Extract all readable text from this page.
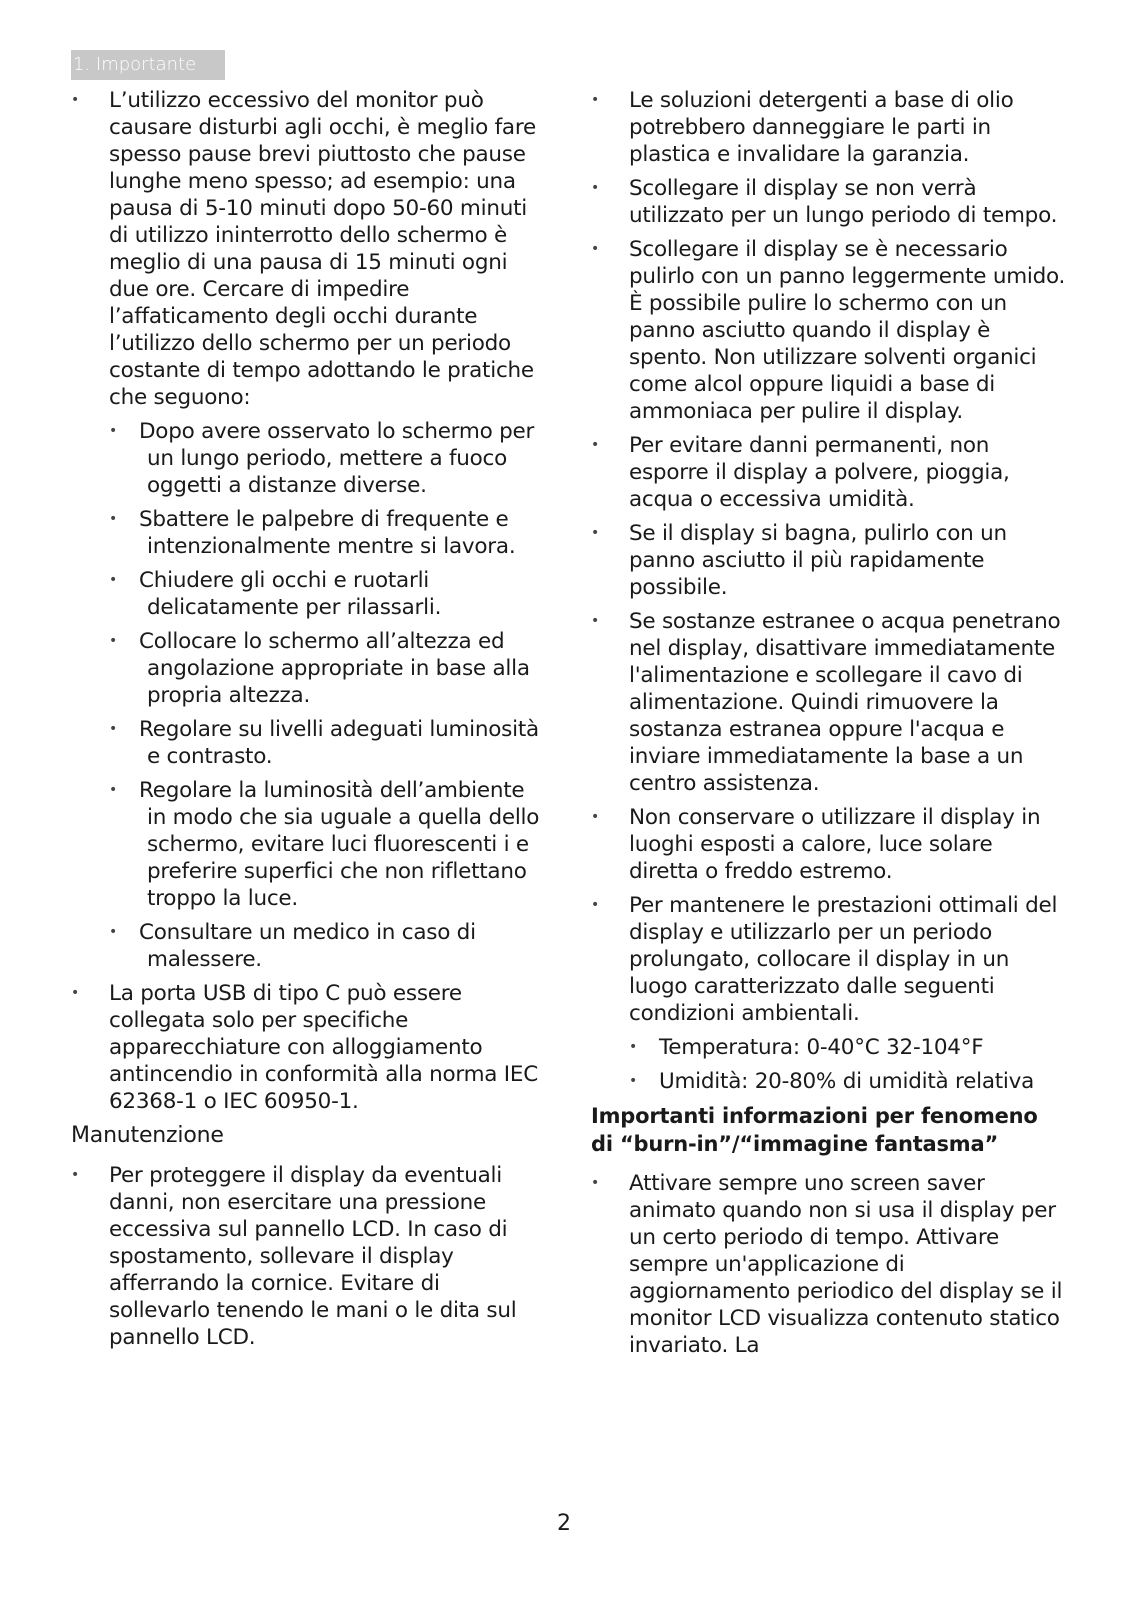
1. Importante
• L’utilizzo eccessivo del monitor può causare disturbi agli occhi, è meglio fare spesso pause brevi piuttosto che pause lunghe meno spesso; ad esempio: una pausa di 5-10 minuti dopo 50-60 minuti di utilizzo ininterrotto dello schermo è meglio di una pausa di 15 minuti ogni due ore. Cercare di impedire l’affaticamento degli occhi durante l’utilizzo dello schermo per un periodo costante di tempo adottando le pratiche che seguono:
• Dopo avere osservato lo schermo per un lungo periodo, mettere a fuoco oggetti a distanze diverse.
• Sbattere le palpebre di frequente e intenzionalmente mentre si lavora.
• Chiudere gli occhi e ruotarli delicatamente per rilassarli.
• Collocare lo schermo all’altezza ed angolazione appropriate in base alla propria altezza.
• Regolare su livelli adeguati luminosità e contrasto.
• Regolare la luminosità dell’ambiente in modo che sia uguale a quella dello schermo, evitare luci fluorescenti i e preferire superfici che non riflettano troppo la luce.
• Consultare un medico in caso di malessere.
• La porta USB di tipo C può essere collegata solo per specifiche apparecchiature con alloggiamento antincendio in conformità alla norma IEC 62368-1 o IEC 60950-1.
Manutenzione
• Per proteggere il display da eventuali danni, non esercitare una pressione eccessiva sul pannello LCD. In caso di spostamento, sollevare il display afferrando la cornice. Evitare di sollevarlo tenendo le mani o le dita sul pannello LCD.
• Le soluzioni detergenti a base di olio potrebbero danneggiare le parti in plastica e invalidare la garanzia.
• Scollegare il display se non verrà utilizzato per un lungo periodo di tempo.
• Scollegare il display se è necessario pulirlo con un panno leggermente umido. È possibile pulire lo schermo con un panno asciutto quando il display è spento. Non utilizzare solventi organici come alcol oppure liquidi a base di ammoniaca per pulire il display.
• Per evitare danni permanenti, non esporre il display a polvere, pioggia, acqua o eccessiva umidità.
• Se il display si bagna, pulirlo con un panno asciutto il più rapidamente possibile.
• Se sostanze estranee o acqua penetrano nel display, disattivare immediatamente l'alimentazione e scollegare il cavo di alimentazione. Quindi rimuovere la sostanza estranea oppure l'acqua e inviare immediatamente la base a un centro assistenza.
• Non conservare o utilizzare il display in luoghi esposti a calore, luce solare diretta o freddo estremo.
• Per mantenere le prestazioni ottimali del display e utilizzarlo per un periodo prolungato, collocare il display in un luogo caratterizzato dalle seguenti condizioni ambientali.
• Temperatura: 0-40°C 32-104°F
• Umidità: 20-80% di umidità relativa
Importanti informazioni per fenomeno di “burn-in”/“immagine fantasma”
• Attivare sempre uno screen saver animato quando non si usa il display per un certo periodo di tempo. Attivare sempre un'applicazione di aggiornamento periodico del display se il monitor LCD visualizza contenuto statico invariato. La
2
